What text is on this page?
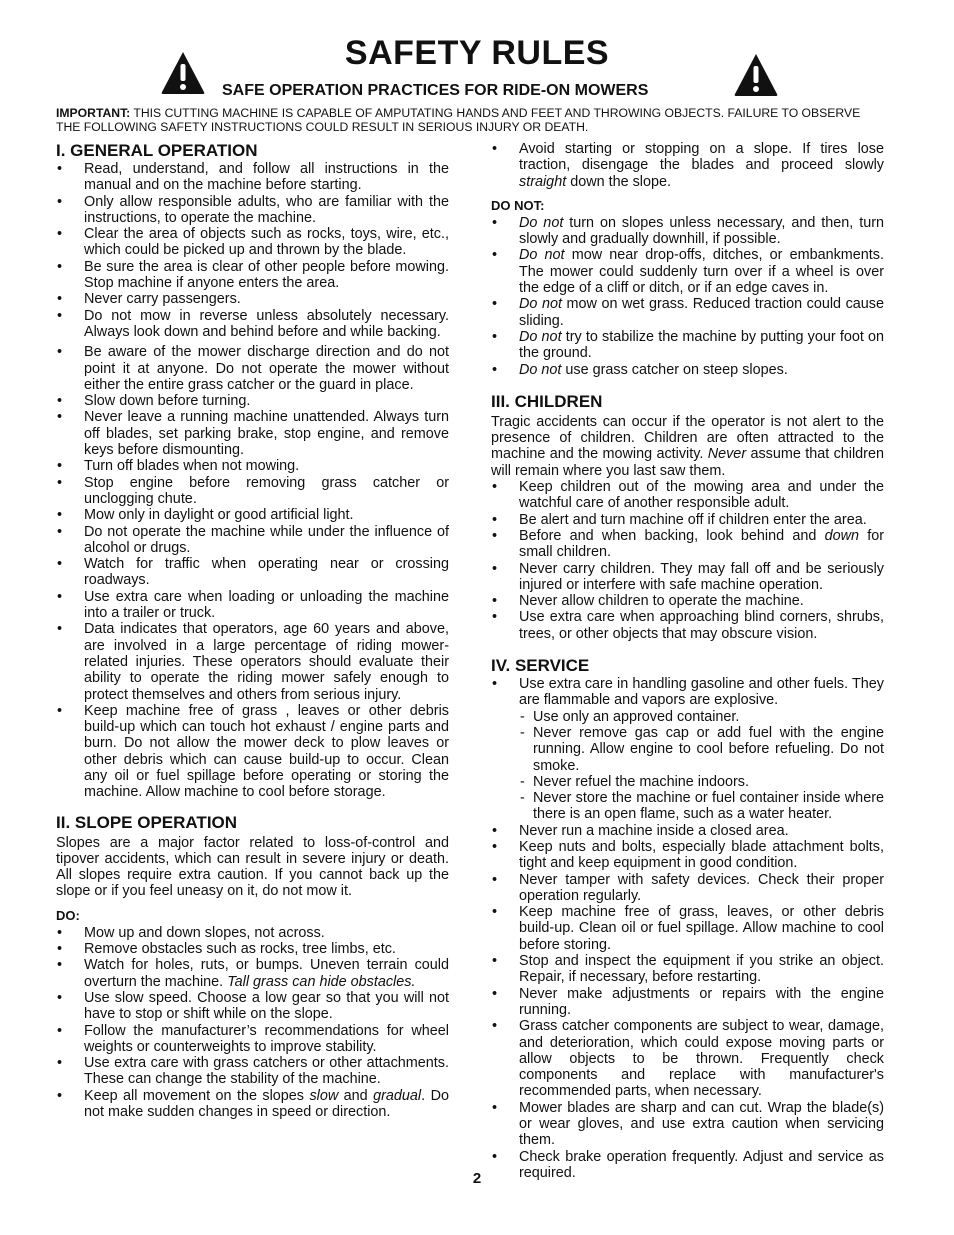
SAFETY RULES
SAFE OPERATION PRACTICES FOR RIDE-ON MOWERS
IMPORTANT: THIS CUTTING MACHINE IS CAPABLE OF AMPUTATING HANDS AND FEET AND THROWING OBJECTS. FAILURE TO OBSERVE THE FOLLOWING SAFETY INSTRUCTIONS COULD RESULT IN SERIOUS INJURY OR DEATH.
I. GENERAL OPERATION
• Read, understand, and follow all instructions in the manual and on the machine before starting.
• Only allow responsible adults, who are familiar with the instructions, to operate the machine.
• Clear the area of objects such as rocks, toys, wire, etc., which could be picked up and thrown by the blade.
• Be sure the area is clear of other people before mowing. Stop machine if anyone enters the area.
• Never carry passengers.
• Do not mow in reverse unless absolutely necessary. Always look down and behind before and while backing.
• Be aware of the mower discharge direction and do not point it at anyone. Do not operate the mower without either the entire grass catcher or the guard in place.
• Slow down before turning.
• Never leave a running machine unattended. Always turn off blades, set parking brake, stop engine, and remove keys before dismounting.
• Turn off blades when not mowing.
• Stop engine before removing grass catcher or unclogging chute.
• Mow only in daylight or good artificial light.
• Do not operate the machine while under the influence of alcohol or drugs.
• Watch for traffic when operating near or crossing roadways.
• Use extra care when loading or unloading the machine into a trailer or truck.
• Data indicates that operators, age 60 years and above, are involved in a large percentage of riding mower-related injuries. These operators should evaluate their ability to operate the riding mower safely enough to protect themselves and others from serious injury.
• Keep machine free of grass , leaves or other debris build-up which can touch hot exhaust / engine parts and burn. Do not allow the mower deck to plow leaves or other debris which can cause build-up to occur. Clean any oil or fuel spillage before operating or storing the machine. Allow machine to cool before storage.
II. SLOPE OPERATION

Slopes are a major factor related to loss-of-control and tipover accidents, which can result in severe injury or death. All slopes require extra caution. If you cannot back up the slope or if you feel uneasy on it, do not mow it.

DO:
• Mow up and down slopes, not across.
• Remove obstacles such as rocks, tree limbs, etc.
• Watch for holes, ruts, or bumps. Uneven terrain could overturn the machine. Tall grass can hide obstacles.
• Use slow speed. Choose a low gear so that you will not have to stop or shift while on the slope.
• Follow the manufacturer’s recommendations for wheel weights or counterweights to improve stability.
• Use extra care with grass catchers or other attachments. These can change the stability of the machine.
• Keep all movement on the slopes slow and gradual. Do not make sudden changes in speed or direction.
• Avoid starting or stopping on a slope. If tires lose traction, disengage the blades and proceed slowly straight down the slope.
DO NOT:
• Do not turn on slopes unless necessary, and then, turn slowly and gradually downhill, if possible.
• Do not mow near drop-offs, ditches, or embankments. The mower could suddenly turn over if a wheel is over the edge of a cliff or ditch, or if an edge caves in.
• Do not mow on wet grass. Reduced traction could cause sliding.
• Do not try to stabilize the machine by putting your foot on the ground.
• Do not use grass catcher on steep slopes.
III. CHILDREN

Tragic accidents can occur if the operator is not alert to the presence of children. Children are often attracted to the machine and the mowing activity. Never assume that children will remain where you last saw them.

• Keep children out of the mowing area and under the watchful care of another responsible adult.
• Be alert and turn machine off if children enter the area.
• Before and when backing, look behind and down for small children.
• Never carry children. They may fall off and be seriously injured or interfere with safe machine operation.
• Never allow children to operate the machine.
• Use extra care when approaching blind corners, shrubs, trees, or other objects that may obscure vision.
IV. SERVICE
• Use extra care in handling gasoline and other fuels. They are flammable and vapors are explosive.
- Use only an approved container.
- Never remove gas cap or add fuel with the engine running. Allow engine to cool before refueling. Do not smoke.
- Never refuel the machine indoors.
- Never store the machine or fuel container inside where there is an open flame, such as a water heater.
• Never run a machine inside a closed area.
• Keep nuts and bolts, especially blade attachment bolts, tight and keep equipment in good condition.
• Never tamper with safety devices. Check their proper operation regularly.
• Keep machine free of grass, leaves, or other debris build-up. Clean oil or fuel spillage. Allow machine to cool before storing.
• Stop and inspect the equipment if you strike an object. Repair, if necessary, before restarting.
• Never make adjustments or repairs with the engine running.
• Grass catcher components are subject to wear, damage, and deterioration, which could expose moving parts or allow objects to be thrown. Frequently check components and replace with manufacturer's recommended parts, when necessary.
• Mower blades are sharp and can cut. Wrap the blade(s) or wear gloves, and use extra caution when servicing them.
• Check brake operation frequently. Adjust and service as required.
2
